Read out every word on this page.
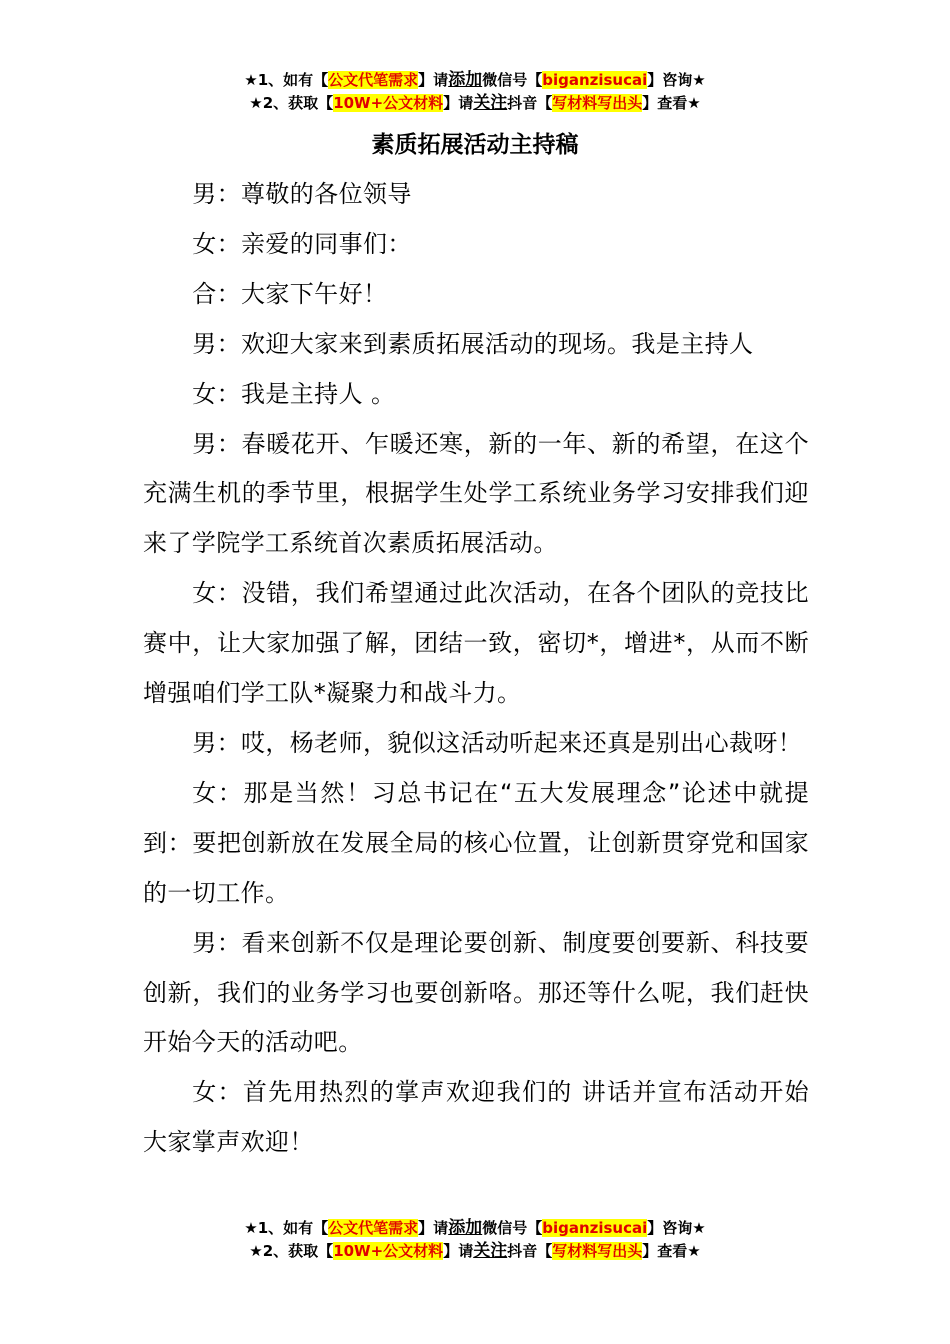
★1、如有【公文代笔需求】请添加微信号【biganzisucai】咨询★
★2、获取【10W+公文材料】请关注抖音【写材料写出头】查看★
素质拓展活动主持稿

男：尊敬的各位领导

女：亲爱的同事们：

合：大家下午好！

男：欢迎大家来到素质拓展活动的现场。我是主持人

女：我是主持人 。

男：春暖花开、乍暖还寒，新的一年、新的希望，在这个充满生机的季节里，根据学生处学工系统业务学习安排我们迎来了学院学工系统首次素质拓展活动。

女：没错，我们希望通过此次活动，在各个团队的竞技比赛中，让大家加强了解，团结一致，密切*，增进*，从而不断增强咱们学工队*凝聚力和战斗力。

男：哎，杨老师，貌似这活动听起来还真是别出心裁呀！

女：那是当然！习总书记在“五大发展理念”论述中就提到：要把创新放在发展全局的核心位置，让创新贯穿党和国家的一切工作。

男：看来创新不仅是理论要创新、制度要创要新、科技要创新，我们的业务学习也要创新咯。那还等什么呢，我们赶快开始今天的活动吧。

女：首先用热烈的掌声欢迎我们的 讲话并宣布活动开始大家掌声欢迎！

★1、如有【公文代笔需求】请添加微信号【biganzisucai】咨询★
★2、获取【10W+公文材料】请关注抖音【写材料写出头】查看★
